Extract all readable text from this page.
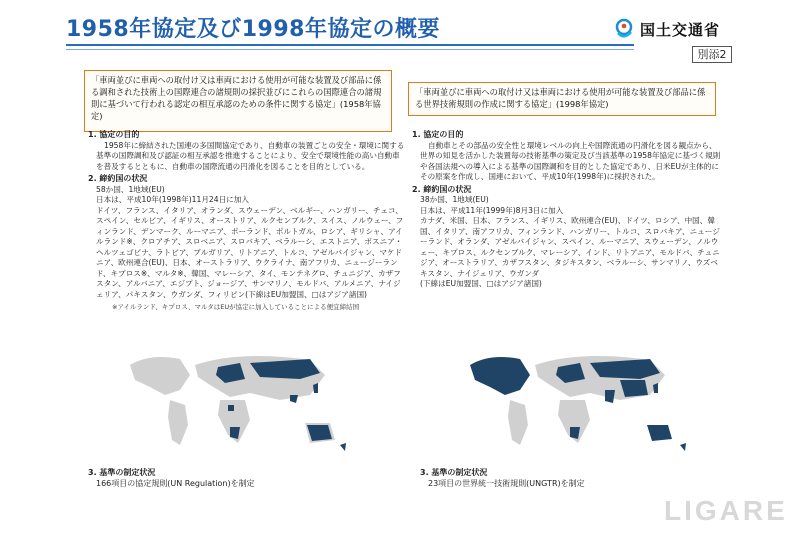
1958年協定及び1998年協定の概要	国土交通省
別添2
「車両並びに車両への取付け又は車両における使用が可能な装置及び部品に係る調和された技術上の国際連合の諸規則の採択並びにこれらの国際連合の諸規則に基づいて行われる認定の相互承認のための条件に関する協定」(1958年協定)
1. 協定の目的
1958年に締結された国連の多国間協定であり、自動車の装置ごとの安全・環境に関する基準の国際調和及び認証の相互承認を推進することにより、安全で環境性能の高い自動車を普及するとともに、自動車の国際流通の円滑化を図ることを目的としている。
2. 締約国の状況
58か国、1地域(EU)
日本は、平成10年(1998年)11月24日に加入
ドイツ、フランス、イタリア、オランダ、スウェーデン、ベルギー、ハンガリー、チェコ、スペイン、セルビア、イギリス、オーストリア、ルクセンブルク、スイス、ノルウェー、フィンランド、デンマーク、ルーマニア、ポーランド、ポルトガル、ロシア、ギリシャ、アイルランド※、クロアチア、スロベニア、スロバキア、ベラルーシ、エストニア、ボスニア・ヘルツェゴビナ、ラトビア、ブルガリア、リトアニア、トルコ、アゼルバイジャン、マケドニア、欧州連合(EU)、日本、オーストラリア、ウクライナ、南アフリカ、ニュージーランド、キプロス※、マルタ※、韓国、マレーシア、タイ、モンテネグロ、チュニジア、カザフスタン、アルバニア、エジプト、ジョージア、サンマリノ、モルドバ、アルメニア、ナイジェリア、パキスタン、ウガンダ、フィリピン(下線はEU加盟国、□はアジア諸国)
※アイルランド、キプロス、マルタはEUが協定に加入していることによる便宜締結国
3. 基準の制定状況
166項目の協定規則(UN Regulation)を制定
「車両並びに車両への取付け又は車両における使用が可能な装置及び部品に係る世界技術規則の作成に関する協定」(1998年協定)
1. 協定の目的
自動車とその部品の安全性と環境レベルの向上や国際流通の円滑化を図る観点から、世界の知見を活かした装置毎の技術基準の策定及び当該基準の1958年協定に基づく規則や各国法規への導入による基準の国際調和を目的とした協定であり、日米EUが主体的にその原案を作成し、国連において、平成10年(1998年)に採択された。
2. 締約国の状況
38か国、1地域(EU)
日本は、平成11年(1999年)8月3日に加入
カナダ、米国、日本、フランス、イギリス、欧州連合(EU)、ドイツ、ロシア、中国、韓国、イタリア、南アフリカ、フィンランド、ハンガリー、トルコ、スロバキア、ニュージーランド、オランダ、アゼルバイジャン、スペイン、ルーマニア、スウェーデン、ノルウェー、キプロス、ルクセンブルク、マレーシア、インド、リトアニア、モルドバ、チュニジア、オーストラリア、カザフスタン、タジキスタン、ベラルーシ、サンマリノ、ウズベキスタン、ナイジェリア、ウガンダ
(下線はEU加盟国、□はアジア諸国)
3. 基準の制定状況
23項目の世界統一技術規則(UNGTR)を制定
LIGARE
